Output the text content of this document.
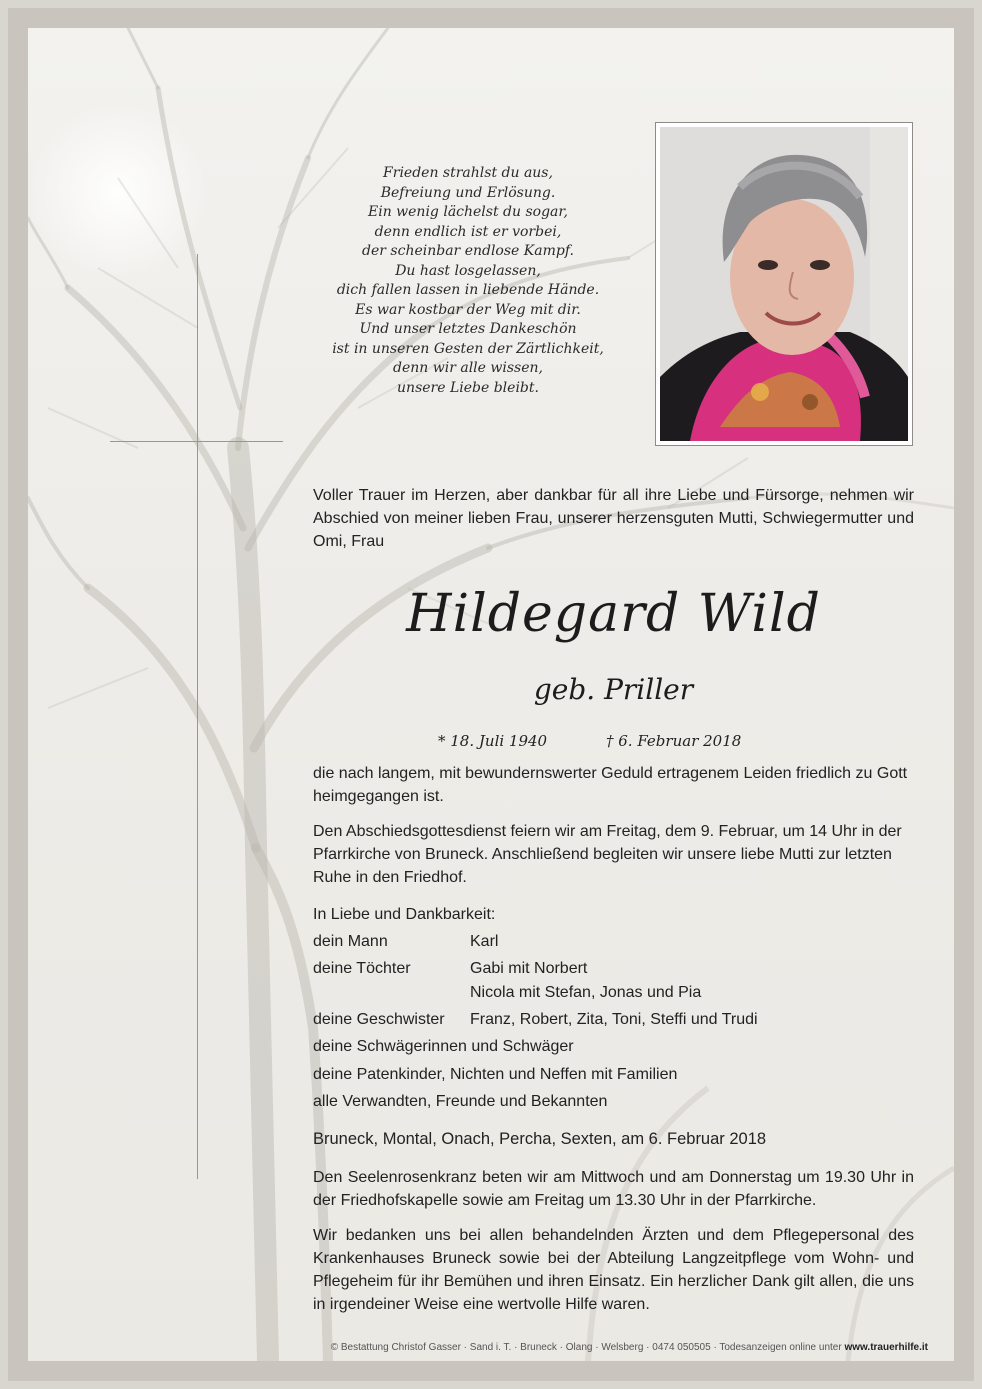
Frieden strahlst du aus,
Befreiung und Erlösung.
Ein wenig lächelst du sogar,
denn endlich ist er vorbei,
der scheinbar endlose Kampf.
Du hast losgelassen,
dich fallen lassen in liebende Hände.
Es war kostbar der Weg mit dir.
Und unser letztes Dankeschön
ist in unseren Gesten der Zärtlichkeit,
denn wir alle wissen,
unsere Liebe bleibt.
Voller Trauer im Herzen, aber dankbar für all ihre Liebe und Fürsorge, nehmen wir Abschied von meiner lieben Frau, unserer herzensguten Mutti, Schwiegermutter und Omi, Frau
Hildegard Wild
geb. Priller
* 18. Juli 1940	† 6. Februar 2018
die nach langem, mit bewundernswerter Geduld ertragenem Leiden friedlich zu Gott heimgegangen ist.
Den Abschiedsgottesdienst feiern wir am Freitag, dem 9. Februar, um 14 Uhr in der Pfarrkirche von Bruneck. Anschließend begleiten wir unsere liebe Mutti zur letzten Ruhe in den Friedhof.
In Liebe und Dankbarkeit:
dein Mann	Karl
deine Töchter	Gabi mit Norbert
Nicola mit Stefan, Jonas und Pia
deine Geschwister Franz, Robert, Zita, Toni, Steffi und Trudi
deine Schwägerinnen und Schwäger
deine Patenkinder, Nichten und Neffen mit Familien
alle Verwandten, Freunde und Bekannten
Bruneck, Montal, Onach, Percha, Sexten, am 6. Februar 2018
Den Seelenrosenkranz beten wir am Mittwoch und am Donnerstag um 19.30 Uhr in der Friedhofskapelle sowie am Freitag um 13.30 Uhr in der Pfarrkirche.
Wir bedanken uns bei allen behandelnden Ärzten und dem Pflegepersonal des Krankenhauses Bruneck sowie bei der Abteilung Langzeitpflege vom Wohn- und Pflegeheim für ihr Bemühen und ihren Einsatz. Ein herzlicher Dank gilt allen, die uns in irgendeiner Weise eine wertvolle Hilfe waren.
© Bestattung Christof Gasser · Sand i. T. · Bruneck · Olang · Welsberg · 0474 050505 · Todesanzeigen online unter www.trauerhilfe.it
